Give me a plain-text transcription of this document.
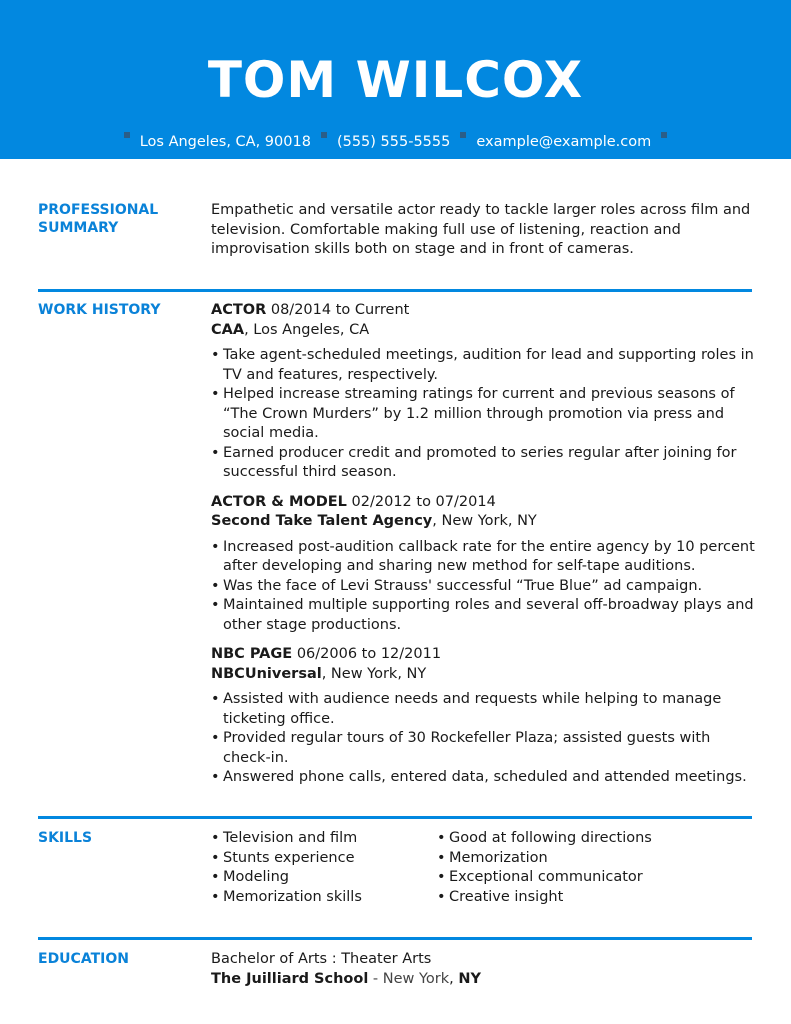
TOM WILCOX
Los Angeles, CA, 90018 (555) 555-5555 example@example.com
PROFESSIONAL
SUMMARY
Empathetic and versatile actor ready to tackle larger roles across film and television. Comfortable making full use of listening, reaction and improvisation skills both on stage and in front of cameras.
WORK HISTORY	ACTOR 08/2014 to Current
CAA, Los Angeles, CA
• Take agent-scheduled meetings, audition for lead and supporting roles in TV and features, respectively.
• Helped increase streaming ratings for current and previous seasons of “The Crown Murders” by 1.2 million through promotion via press and social media.
• Earned producer credit and promoted to series regular after joining for successful third season.
ACTOR & MODEL 02/2012 to 07/2014
Second Take Talent Agency, New York, NY
• Increased post-audition callback rate for the entire agency by 10 percent after developing and sharing new method for self-tape auditions.
• Was the face of Levi Strauss' successful “True Blue” ad campaign.
• Maintained multiple supporting roles and several off-broadway plays and other stage productions.
NBC PAGE 06/2006 to 12/2011
NBCUniversal, New York, NY
• Assisted with audience needs and requests while helping to manage ticketing office.
• Provided regular tours of 30 Rockefeller Plaza; assisted guests with check-in.
• Answered phone calls, entered data, scheduled and attended meetings.
SKILLS	• Television and film
• Stunts experience
• Modeling
• Memorization skills
• Good at following directions
• Memorization
• Exceptional communicator
• Creative insight
EDUCATION	Bachelor of Arts : Theater Arts
The Juilliard School - New York, NY
